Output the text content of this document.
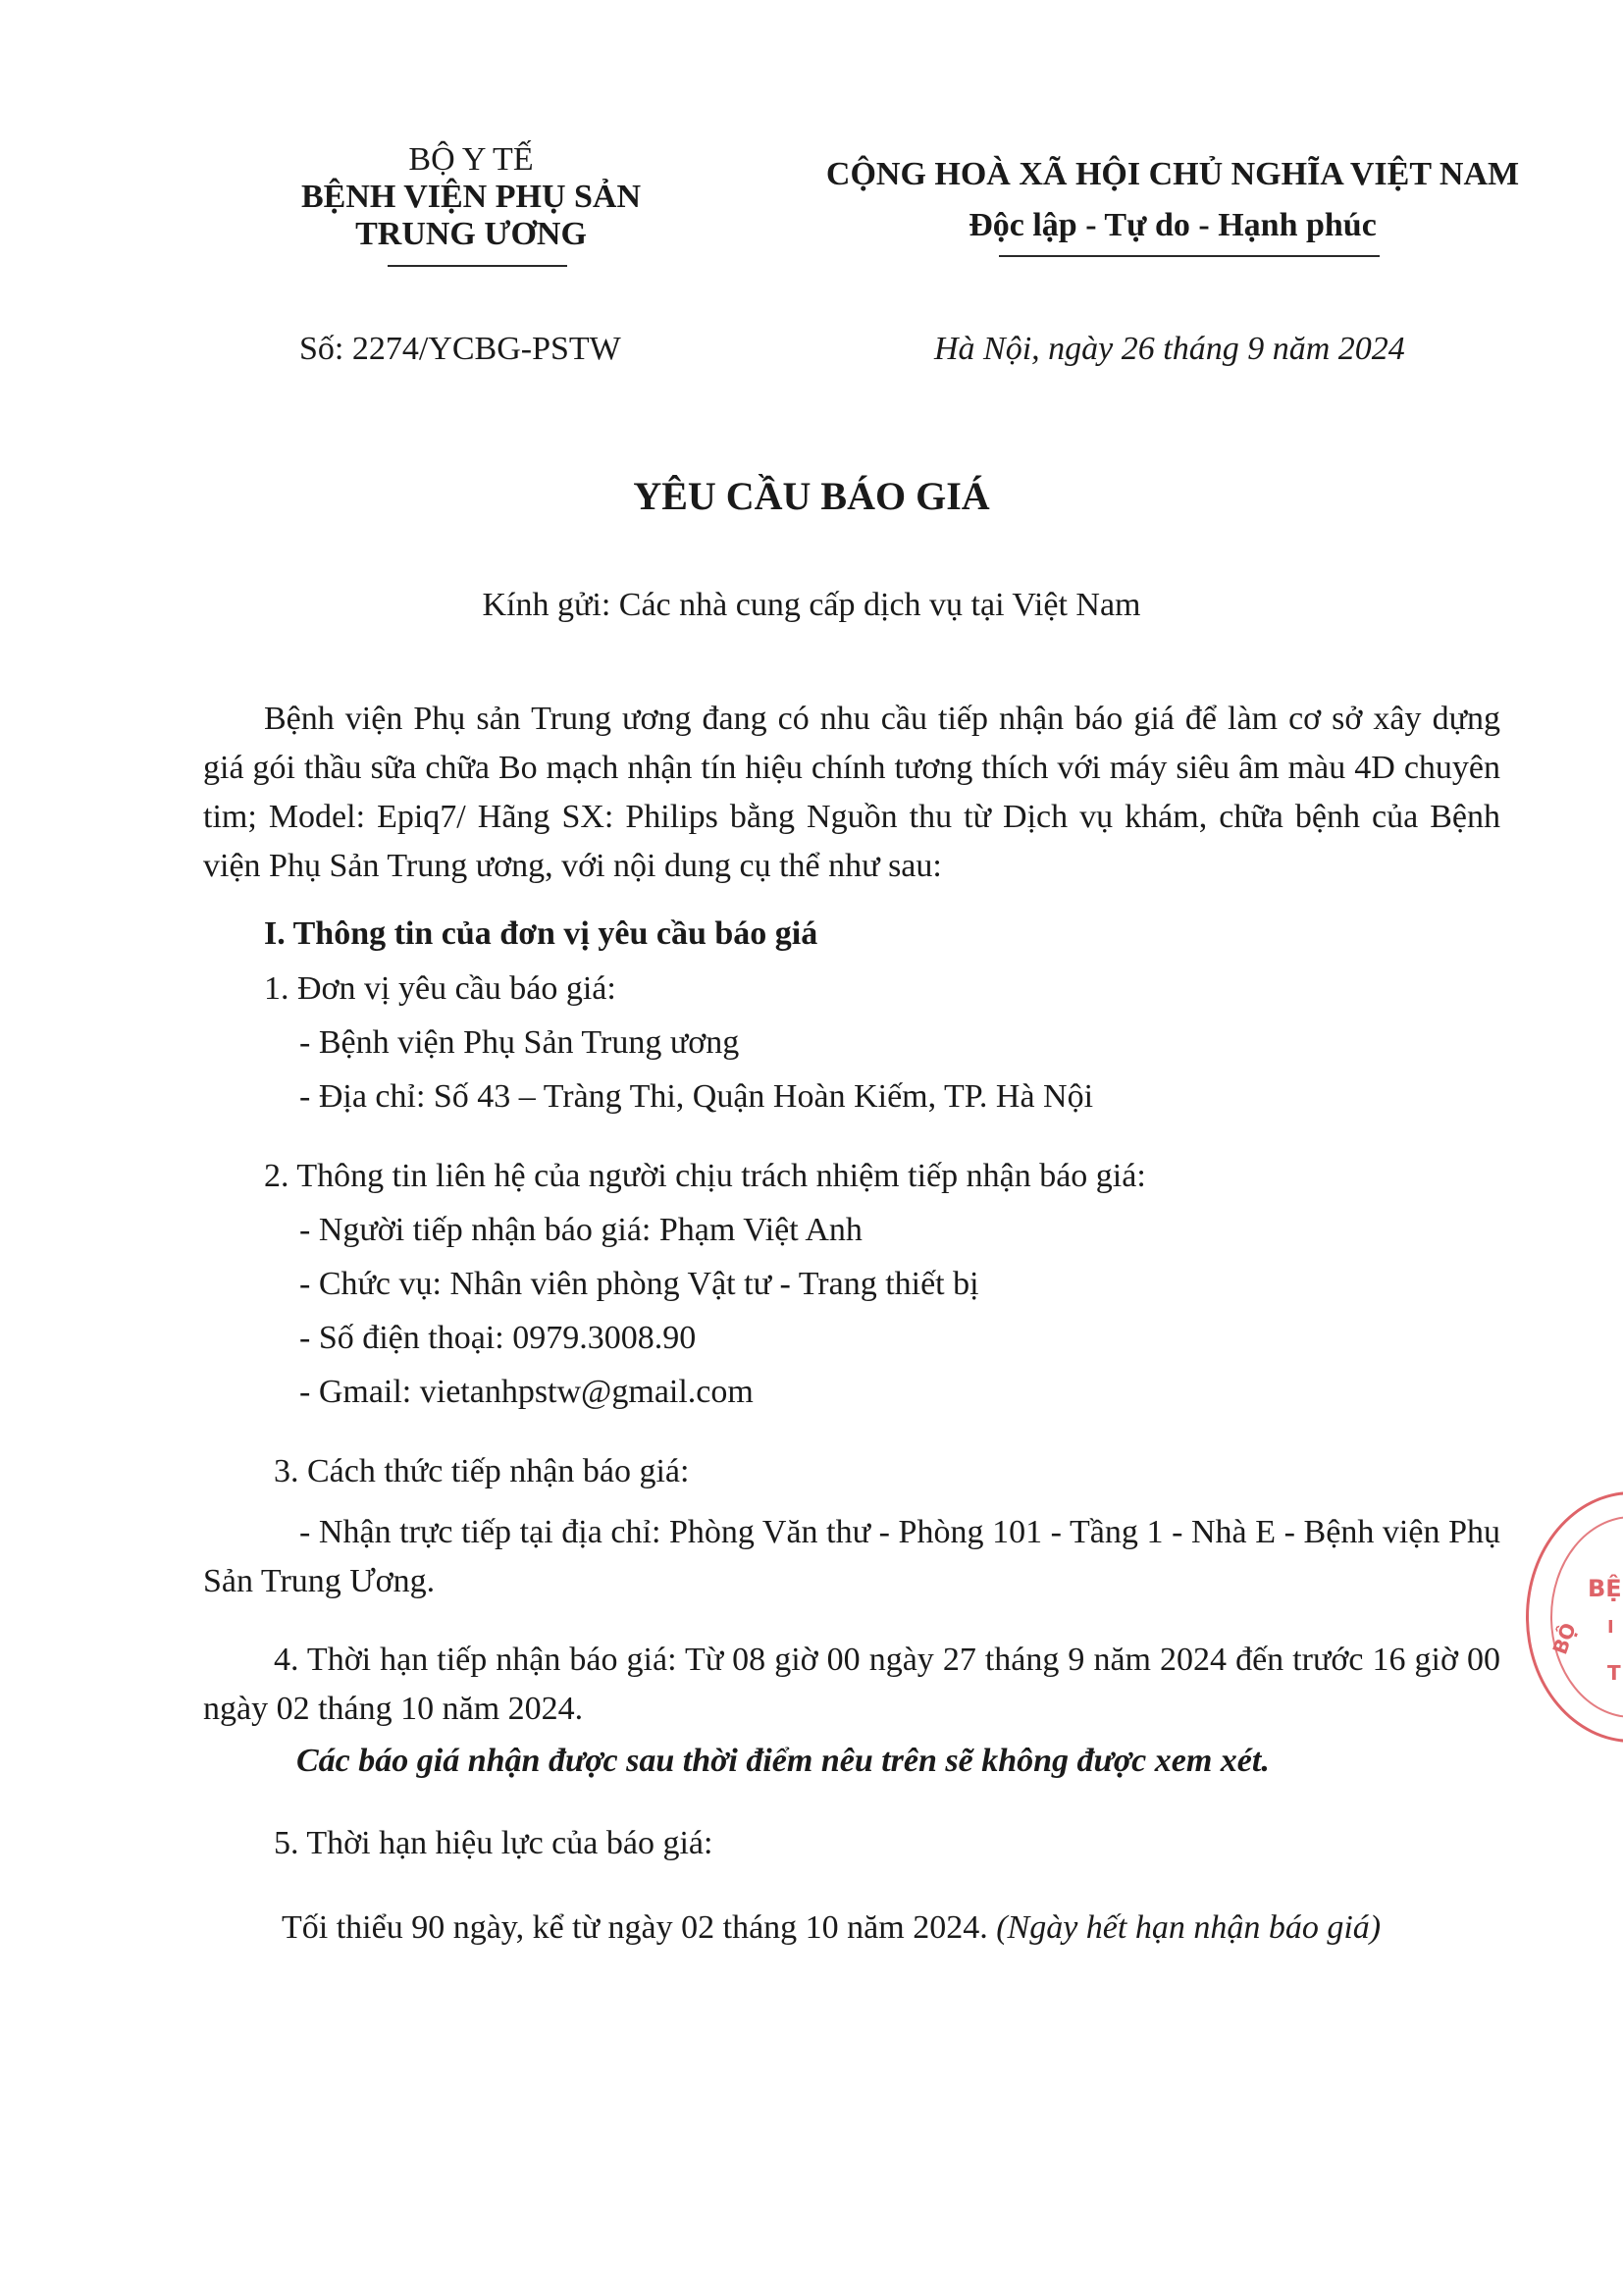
BỘ Y TẾ
BỆNH VIỆN PHỤ SẢN
TRUNG ƯƠNG
CỘNG HOÀ XÃ HỘI CHỦ NGHĨA VIỆT NAM
Độc lập - Tự do - Hạnh phúc
Số: 2274/YCBG-PSTW	Hà Nội, ngày 26 tháng 9 năm 2024
YÊU CẦU BÁO GIÁ
Kính gửi: Các nhà cung cấp dịch vụ tại Việt Nam
Bệnh viện Phụ sản Trung ương đang có nhu cầu tiếp nhận báo giá để làm cơ sở xây dựng giá gói thầu sữa chữa Bo mạch nhận tín hiệu chính tương thích với máy siêu âm màu 4D chuyên tim; Model: Epiq7/ Hãng SX: Philips bằng Nguồn thu từ Dịch vụ khám, chữa bệnh của Bệnh viện Phụ Sản Trung ương, với nội dung cụ thể như sau:
I. Thông tin của đơn vị yêu cầu báo giá
1. Đơn vị yêu cầu báo giá:
- Bệnh viện Phụ Sản Trung ương
- Địa chỉ: Số 43 – Tràng Thi, Quận Hoàn Kiếm, TP. Hà Nội
2. Thông tin liên hệ của người chịu trách nhiệm tiếp nhận báo giá:
- Người tiếp nhận báo giá: Phạm Việt Anh
- Chức vụ: Nhân viên phòng Vật tư - Trang thiết bị
- Số điện thoại: 0979.3008.90
- Gmail: vietanhpstw@gmail.com
3. Cách thức tiếp nhận báo giá:
- Nhận trực tiếp tại địa chỉ: Phòng Văn thư - Phòng 101 - Tầng 1 - Nhà E - Bệnh viện Phụ Sản Trung Ương.
4. Thời hạn tiếp nhận báo giá: Từ 08 giờ 00 ngày 27 tháng 9 năm 2024 đến trước 16 giờ 00 ngày 02 tháng 10 năm 2024.
Các báo giá nhận được sau thời điểm nêu trên sẽ không được xem xét.
5. Thời hạn hiệu lực của báo giá:
Tối thiểu 90 ngày, kể từ ngày 02 tháng 10 năm 2024. (Ngày hết hạn nhận báo giá)
BỆ
BỘ I
T
